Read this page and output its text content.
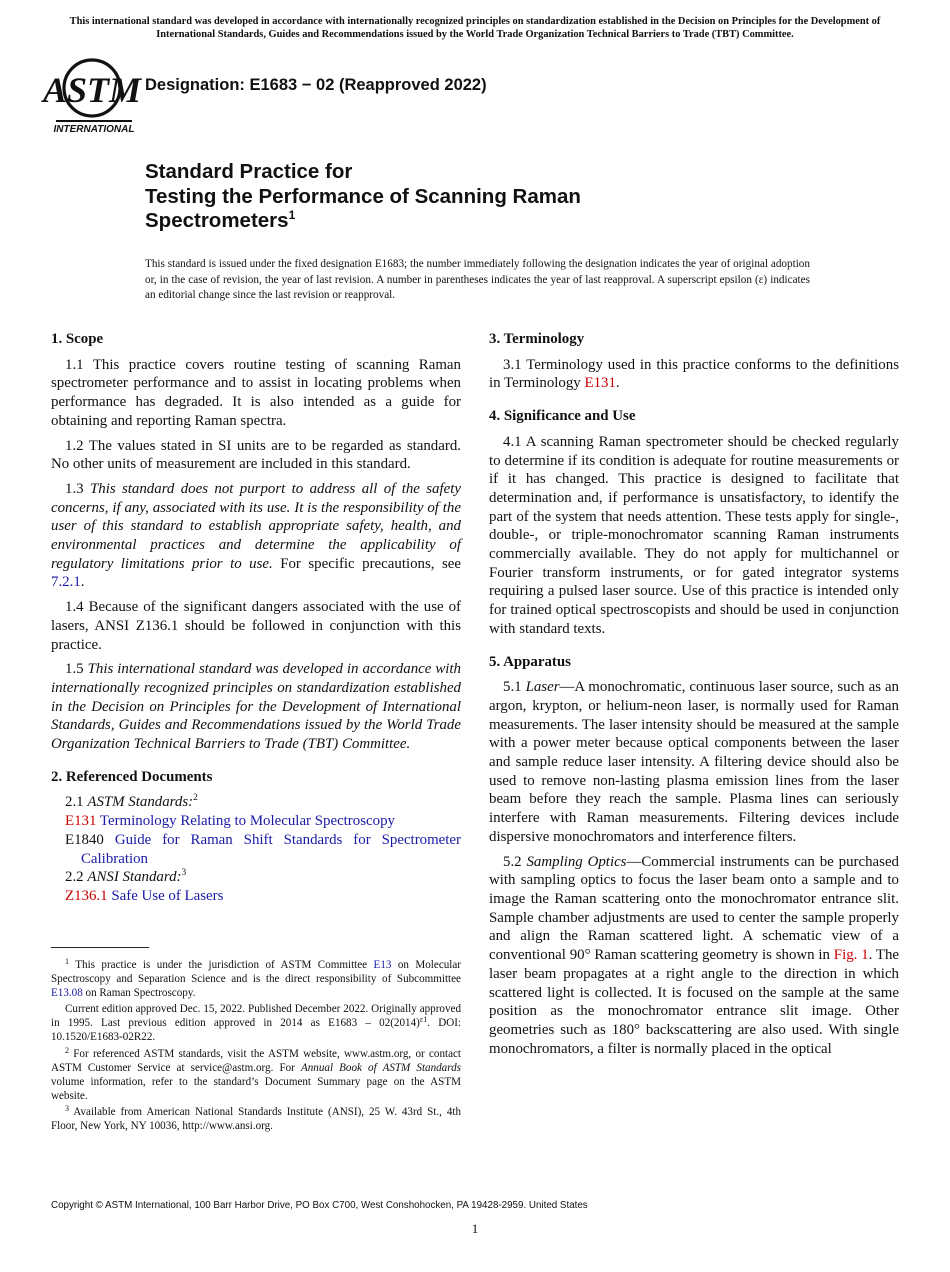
This international standard was developed in accordance with internationally recognized principles on standardization established in the Decision on Principles for the Development of International Standards, Guides and Recommendations issued by the World Trade Organization Technical Barriers to Trade (TBT) Committee.

ASTM
INTERNATIONAL

Designation: E1683 − 02 (Reapproved 2022)

Standard Practice for
Testing the Performance of Scanning Raman
Spectrometers$^1$

This standard is issued under the fixed designation E1683; the number immediately following the designation indicates the year of original adoption or, in the case of revision, the year of last revision. A number in parentheses indicates the year of last reapproval. A superscript epsilon (ε) indicates an editorial change since the last revision or reapproval.

1. Scope

1.1 This practice covers routine testing of scanning Raman spectrometer performance and to assist in locating problems when performance has degraded. It is also intended as a guide for obtaining and reporting Raman spectra.

1.2 The values stated in SI units are to be regarded as standard. No other units of measurement are included in this standard.

1.3 This standard does not purport to address all of the safety concerns, if any, associated with its use. It is the responsibility of the user of this standard to establish appropriate safety, health, and environmental practices and determine the applicability of regulatory limitations prior to use. For specific precautions, see 7.2.1.

1.4 Because of the significant dangers associated with the use of lasers, ANSI Z136.1 should be followed in conjunction with this practice.

1.5 This international standard was developed in accordance with internationally recognized principles on standardization established in the Decision on Principles for the Development of International Standards, Guides and Recommendations issued by the World Trade Organization Technical Barriers to Trade (TBT) Committee.

2. Referenced Documents
2.1 ASTM Standards:$^2$
E131 Terminology Relating to Molecular Spectroscopy
E1840 Guide for Raman Shift Standards for Spectrometer Calibration
2.2 ANSI Standard:$^3$
Z136.1 Safe Use of Lasers

$^1$ This practice is under the jurisdiction of ASTM Committee E13 on Molecular Spectroscopy and Separation Science and is the direct responsibility of Subcommittee E13.08 on Raman Spectroscopy.

Current edition approved Dec. 15, 2022. Published December 2022. Originally approved in 1995. Last previous edition approved in 2014 as $E1683 - 02(2014)^{\varepsilon 1}$. DOI: 10.1520/E1683-02R22.

$^2$ For referenced ASTM standards, visit the ASTM website, www.astm.org, or contact ASTM Customer Service at service@astm.org. For Annual Book of ASTM Standards volume information, refer to the standard’s Document Summary page on the ASTM website.

$^3$ Available from American National Standards Institute (ANSI), 25 W. 43rd St., 4th Floor, New York, NY 10036, http://www.ansi.org.

3. Terminology

3.1 Terminology used in this practice conforms to the definitions in Terminology E131.

4. Significance and Use

4.1 A scanning Raman spectrometer should be checked regularly to determine if its condition is adequate for routine measurements or if it has changed. This practice is designed to facilitate that determination and, if performance is unsatisfactory, to identify the part of the system that needs attention. These tests apply for single-, double-, or triple-monochromator scanning Raman instruments commercially available. They do not apply for multichannel or Fourier transform instruments, or for gated integrator systems requiring a pulsed laser source. Use of this practice is intended only for trained optical spectroscopists and should be used in conjunction with standard texts.

5. Apparatus

5.1 Laser—A monochromatic, continuous laser source, such as an argon, krypton, or helium-neon laser, is normally used for Raman measurements. The laser intensity should be measured at the sample with a power meter because optical components between the laser and sample reduce laser intensity. A filtering device should also be used to remove non-lasting plasma emission lines from the laser beam before they reach the sample. Plasma lines can seriously interfere with Raman measurements. Filtering devices include dispersive monochromators and interference filters.

5.2 Sampling Optics—Commercial instruments can be purchased with sampling optics to focus the laser beam onto a sample and to image the Raman scattering onto the monochromator entrance slit. Sample chamber adjustments are used to center the sample properly and align the Raman scattered light. A schematic view of a conventional 90° Raman scattering geometry is shown in Fig. 1. The laser beam propagates at a right angle to the direction in which scattered light is collected. It is focused on the sample at the same position as the monochromator entrance slit image. Other geometries such as 180° backscattering are also used. With single monochromators, a filter is normally placed in the optical

Copyright © ASTM International, 100 Barr Harbor Drive, PO Box C700, West Conshohocken, PA 19428-2959. United States

1
